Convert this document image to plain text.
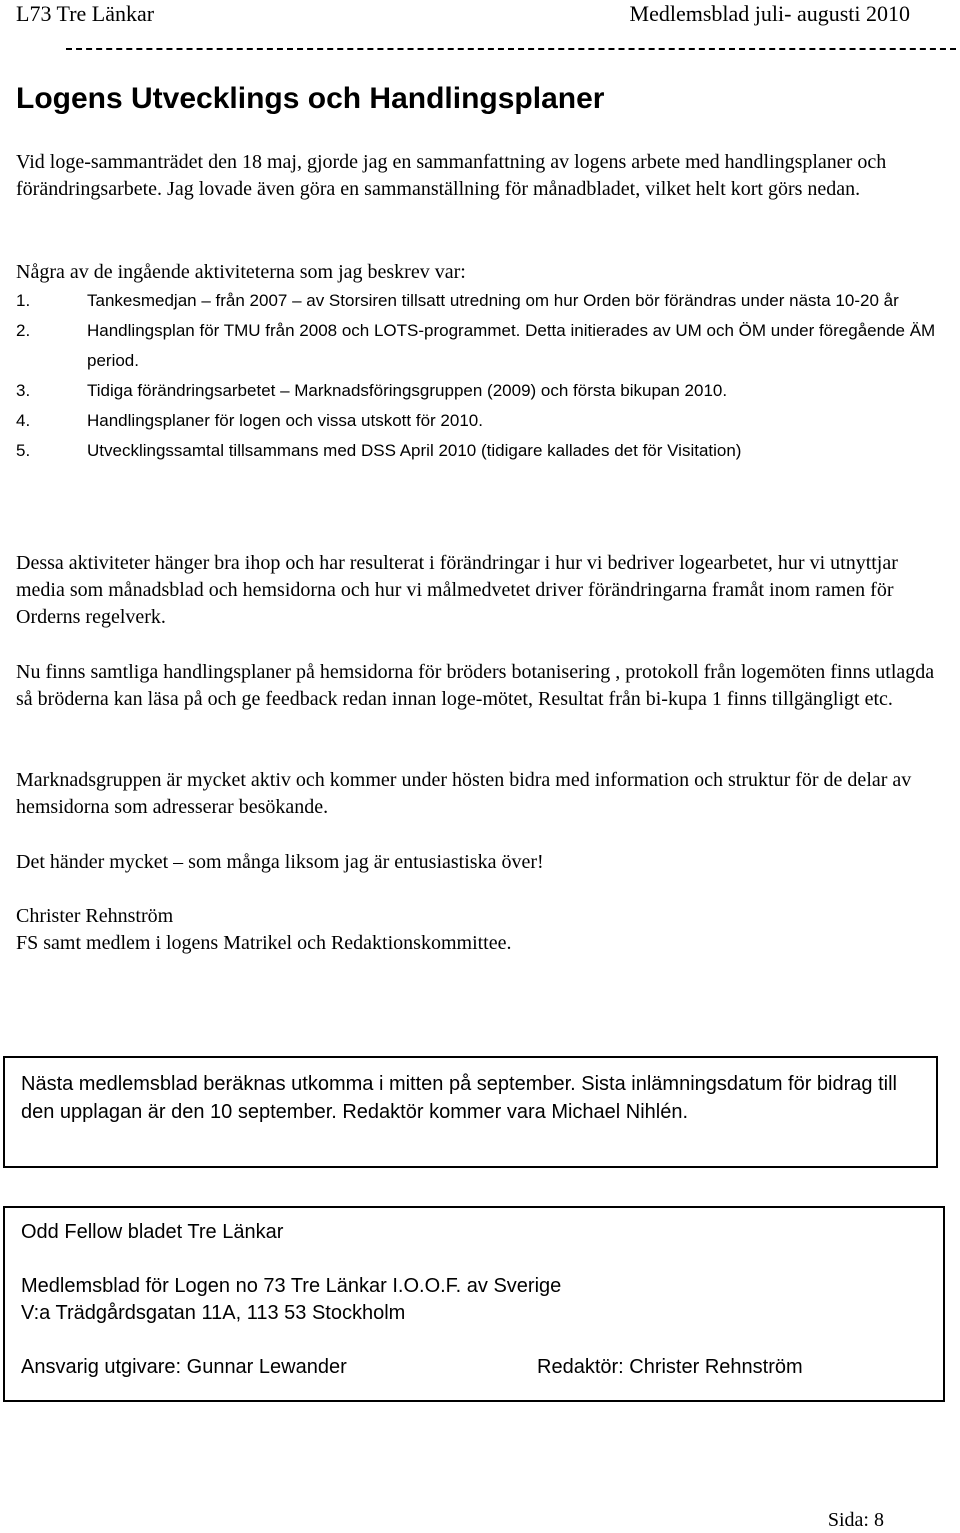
L73 Tre Länkar	Medlemsblad juli- augusti 2010
Logens Utvecklings och Handlingsplaner

Vid loge-sammanträdet den 18 maj, gjorde jag en sammanfattning av logens arbete med handlingsplaner och förändringsarbete. Jag lovade även göra en sammanställning för månadbladet, vilket helt kort görs nedan.

Några av de ingående aktiviteterna som jag beskrev var:

1.	Tankesmedjan – från 2007 – av Storsiren tillsatt utredning om hur Orden bör förändras under nästa 10-20 år
2.	Handlingsplan för TMU från 2008 och LOTS-programmet. Detta initierades av UM och ÖM under föregående ÄM period.
3.	Tidiga förändringsarbetet – Marknadsföringsgruppen (2009) och första bikupan 2010.
4.	Handlingsplaner för logen och vissa utskott för 2010.
5.	Utvecklingssamtal tillsammans med DSS April 2010 (tidigare kallades det för Visitation)

Dessa aktiviteter hänger bra ihop och har resulterat i förändringar i hur vi bedriver logearbetet, hur vi utnyttjar media som månadsblad och hemsidorna och hur vi målmedvetet driver förändringarna framåt inom ramen för Orderns regelverk.

Nu finns samtliga handlingsplaner på hemsidorna för bröders botanisering , protokoll från logemöten finns utlagda så bröderna kan läsa på och ge feedback redan innan loge-mötet, Resultat från bi-kupa 1 finns tillgängligt etc.

Marknadsgruppen är mycket aktiv och kommer under hösten bidra med information och struktur för de delar av hemsidorna som adresserar besökande.

Det händer mycket – som många liksom jag är entusiastiska över!

Christer Rehnström
FS samt medlem i logens Matrikel och Redaktionskommittee.

Nästa medlemsblad beräknas utkomma i mitten på september. Sista inlämningsdatum för bidrag till den upplagan är den 10 september. Redaktör kommer vara Michael Nihlén.

Odd Fellow bladet Tre Länkar

Medlemsblad för Logen no 73 Tre Länkar I.O.O.F. av Sverige

V:a Trädgårdsgatan 11A, 113 53 Stockholm

Ansvarig utgivare: Gunnar Lewander	Redaktör: Christer Rehnström

Sida: 8
